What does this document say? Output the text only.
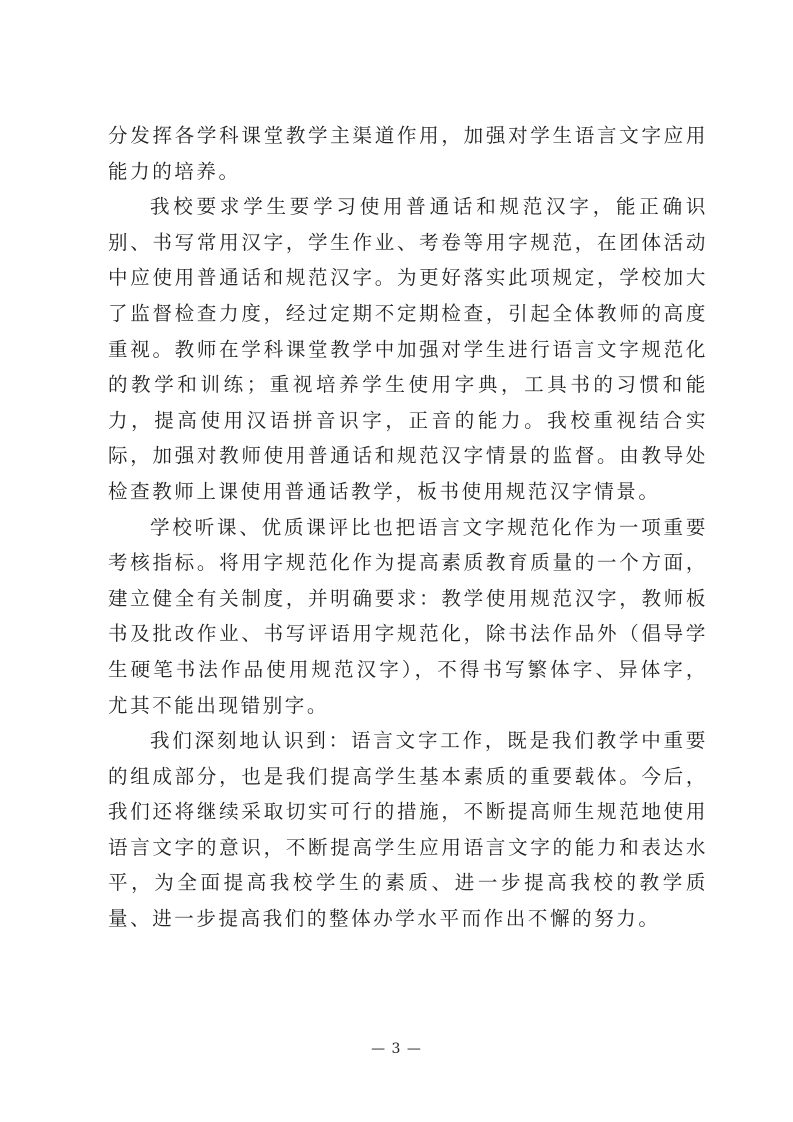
分发挥各学科课堂教学主渠道作用，加强对学生语言文字应用能力的培养。

我校要求学生要学习使用普通话和规范汉字，能正确识别、书写常用汉字，学生作业、考卷等用字规范，在团体活动中应使用普通话和规范汉字。为更好落实此项规定，学校加大了监督检查力度，经过定期不定期检查，引起全体教师的高度重视。教师在学科课堂教学中加强对学生进行语言文字规范化的教学和训练；重视培养学生使用字典，工具书的习惯和能力，提高使用汉语拼音识字，正音的能力。我校重视结合实际，加强对教师使用普通话和规范汉字情景的监督。由教导处检查教师上课使用普通话教学，板书使用规范汉字情景。

学校听课、优质课评比也把语言文字规范化作为一项重要考核指标。将用字规范化作为提高素质教育质量的一个方面，建立健全有关制度，并明确要求：教学使用规范汉字，教师板书及批改作业、书写评语用字规范化，除书法作品外（倡导学生硬笔书法作品使用规范汉字），不得书写繁体字、异体字，尤其不能出现错别字。

我们深刻地认识到：语言文字工作，既是我们教学中重要的组成部分，也是我们提高学生基本素质的重要载体。今后，我们还将继续采取切实可行的措施，不断提高师生规范地使用语言文字的意识，不断提高学生应用语言文字的能力和表达水平，为全面提高我校学生的素质、进一步提高我校的教学质量、进一步提高我们的整体办学水平而作出不懈的努力。

— 3 —
